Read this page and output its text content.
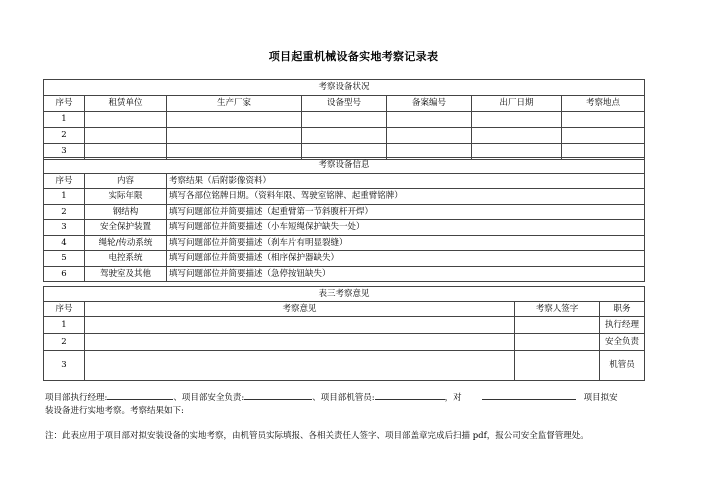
项目起重机械设备实地考察记录表
考察设备状况						
序号	租赁单位	生产厂家	设备型号	备案编号	出厂日期	考察地点
1						
2						
3						
考察设备信息		
序号	内容	考察结果（后附影像资料）
1	实际年限	填写各部位铭牌日期。（资料年限、驾驶室铭牌、起重臂铭牌）
2	钢结构	填写问题部位并简要描述（起重臂第一节斜腹杆开焊）
3	安全保护装置	填写问题部位并简要描述（小车短绳保护缺失一处）
4	绳轮/传动系统	填写问题部位并简要描述（刹车片有明显裂缝）
5	电控系统	填写问题部位并简要描述（相序保护器缺失）
6	驾驶室及其他	填写问题部位并简要描述（急停按钮缺失）
表三考察意见			
序号	考察意见	考察人签字	职务
1			执行经理
2			安全负责
3			机管员
项目部执行经理:	、项目部安全负责:	、项目部机管员:	，对	项目拟安
装设备进行实地考察。考察结果如下:
注：此表应用于项目部对拟安装设备的实地考察，由机管员实际填报、各相关责任人签字、项目部盖章完成后扫描 pdf，报公司安全监督管理处。
